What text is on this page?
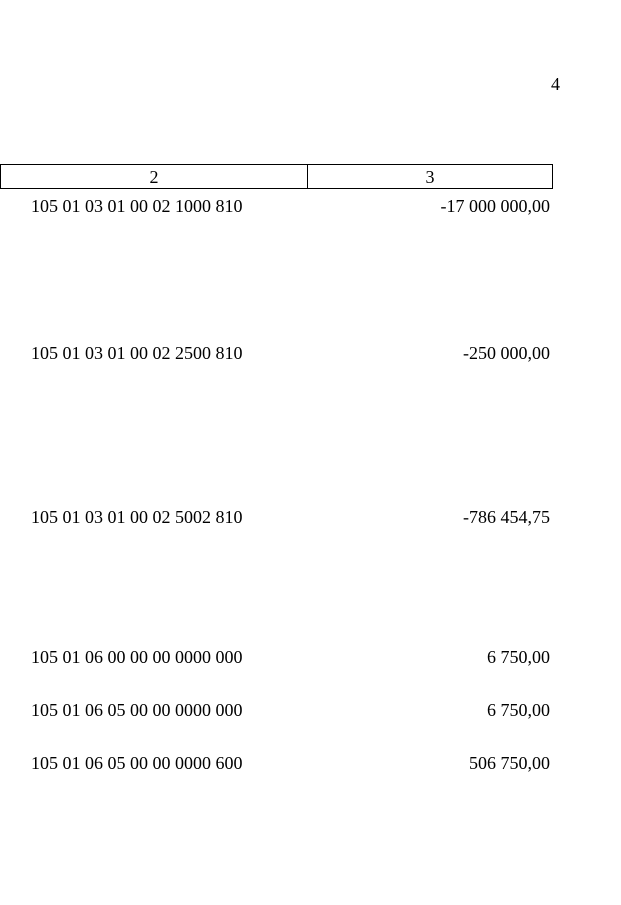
4
2	3
105 01 03 01 00 02 1000 810	-17 000 000,00
105 01 03 01 00 02 2500 810	-250 000,00
105 01 03 01 00 02 5002 810	-786 454,75
105 01 06 00 00 00 0000 000	6 750,00
105 01 06 05 00 00 0000 000	6 750,00
105 01 06 05 00 00 0000 600	506 750,00
